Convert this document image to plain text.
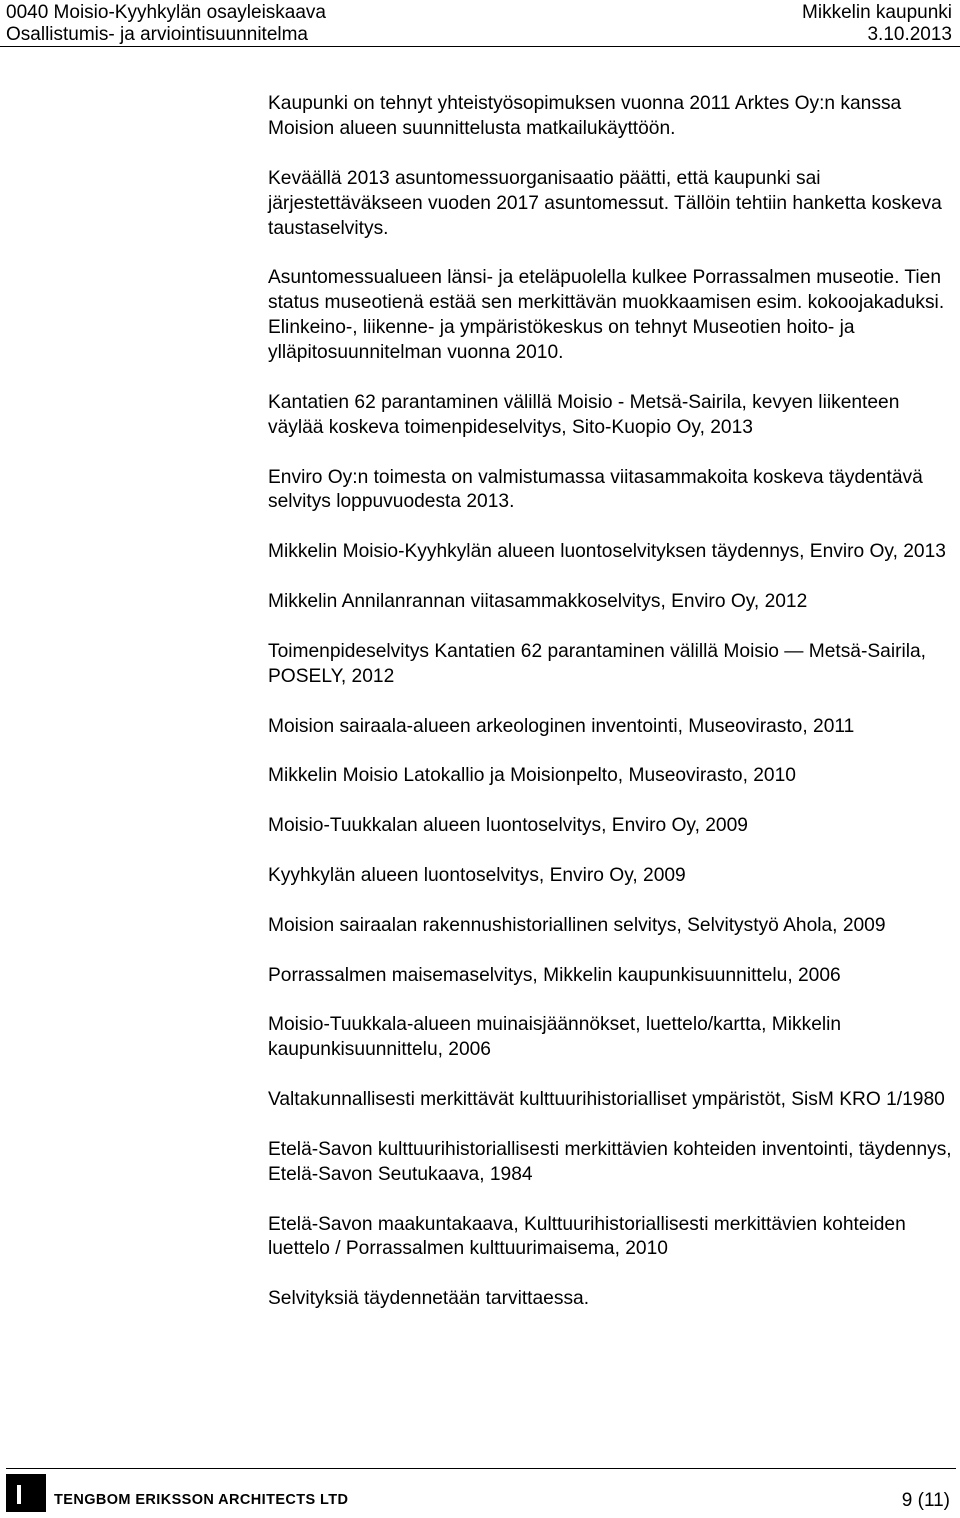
0040 Moisio-Kyyhkylän osayleiskaava
Osallistumis- ja arviointisuunnitelma
Mikkelin kaupunki
3.10.2013

Kaupunki on tehnyt yhteistyösopimuksen vuonna 2011 Arktes Oy:n kanssa Moision alueen suunnittelusta matkailukäyttöön.

Keväällä 2013 asuntomessuorganisaatio päätti, että kaupunki sai järjestettäväkseen vuoden 2017 asuntomessut. Tällöin tehtiin hanketta koskeva taustaselvitys.

Asuntomessualueen länsi- ja eteläpuolella kulkee Porrassalmen museotie. Tien status museotienä estää sen merkittävän muokkaamisen esim. kokoojakaduksi. Elinkeino-, liikenne- ja ympäristökeskus on tehnyt Museotien hoito- ja ylläpitosuunnitelman vuonna 2010.

Kantatien 62 parantaminen välillä Moisio - Metsä-Sairila, kevyen liikenteen väylää koskeva toimenpideselvitys, Sito-Kuopio Oy, 2013

Enviro Oy:n toimesta on valmistumassa viitasammakoita koskeva täydentävä selvitys loppuvuodesta 2013.

Mikkelin Moisio-Kyyhkylän alueen luontoselvityksen täydennys, Enviro Oy, 2013

Mikkelin Annilanrannan viitasammakkoselvitys, Enviro Oy, 2012

Toimenpideselvitys Kantatien 62 parantaminen välillä Moisio — Metsä-Sairila, POSELY, 2012

Moision sairaala-alueen arkeologinen inventointi, Museovirasto, 2011

Mikkelin Moisio Latokallio ja Moisionpelto, Museovirasto, 2010

Moisio-Tuukkalan alueen luontoselvitys, Enviro Oy, 2009

Kyyhkylän alueen luontoselvitys, Enviro Oy, 2009

Moision sairaalan rakennushistoriallinen selvitys, Selvitystyö Ahola, 2009

Porrassalmen maisemaselvitys, Mikkelin kaupunkisuunnittelu, 2006

Moisio-Tuukkala-alueen muinaisjäännökset, luettelo/kartta, Mikkelin kaupunkisuunnittelu, 2006

Valtakunnallisesti merkittävät kulttuurihistorialliset ympäristöt, SisM KRO 1/1980

Etelä-Savon kulttuurihistoriallisesti merkittävien kohteiden inventointi, täydennys, Etelä-Savon Seutukaava, 1984

Etelä-Savon maakuntakaava, Kulttuurihistoriallisesti merkittävien kohteiden luettelo / Porrassalmen kulttuurimaisema, 2010

Selvityksiä täydennetään tarvittaessa.

TENGBOM ERIKSSON ARCHITECTS LTD	9 (11)
